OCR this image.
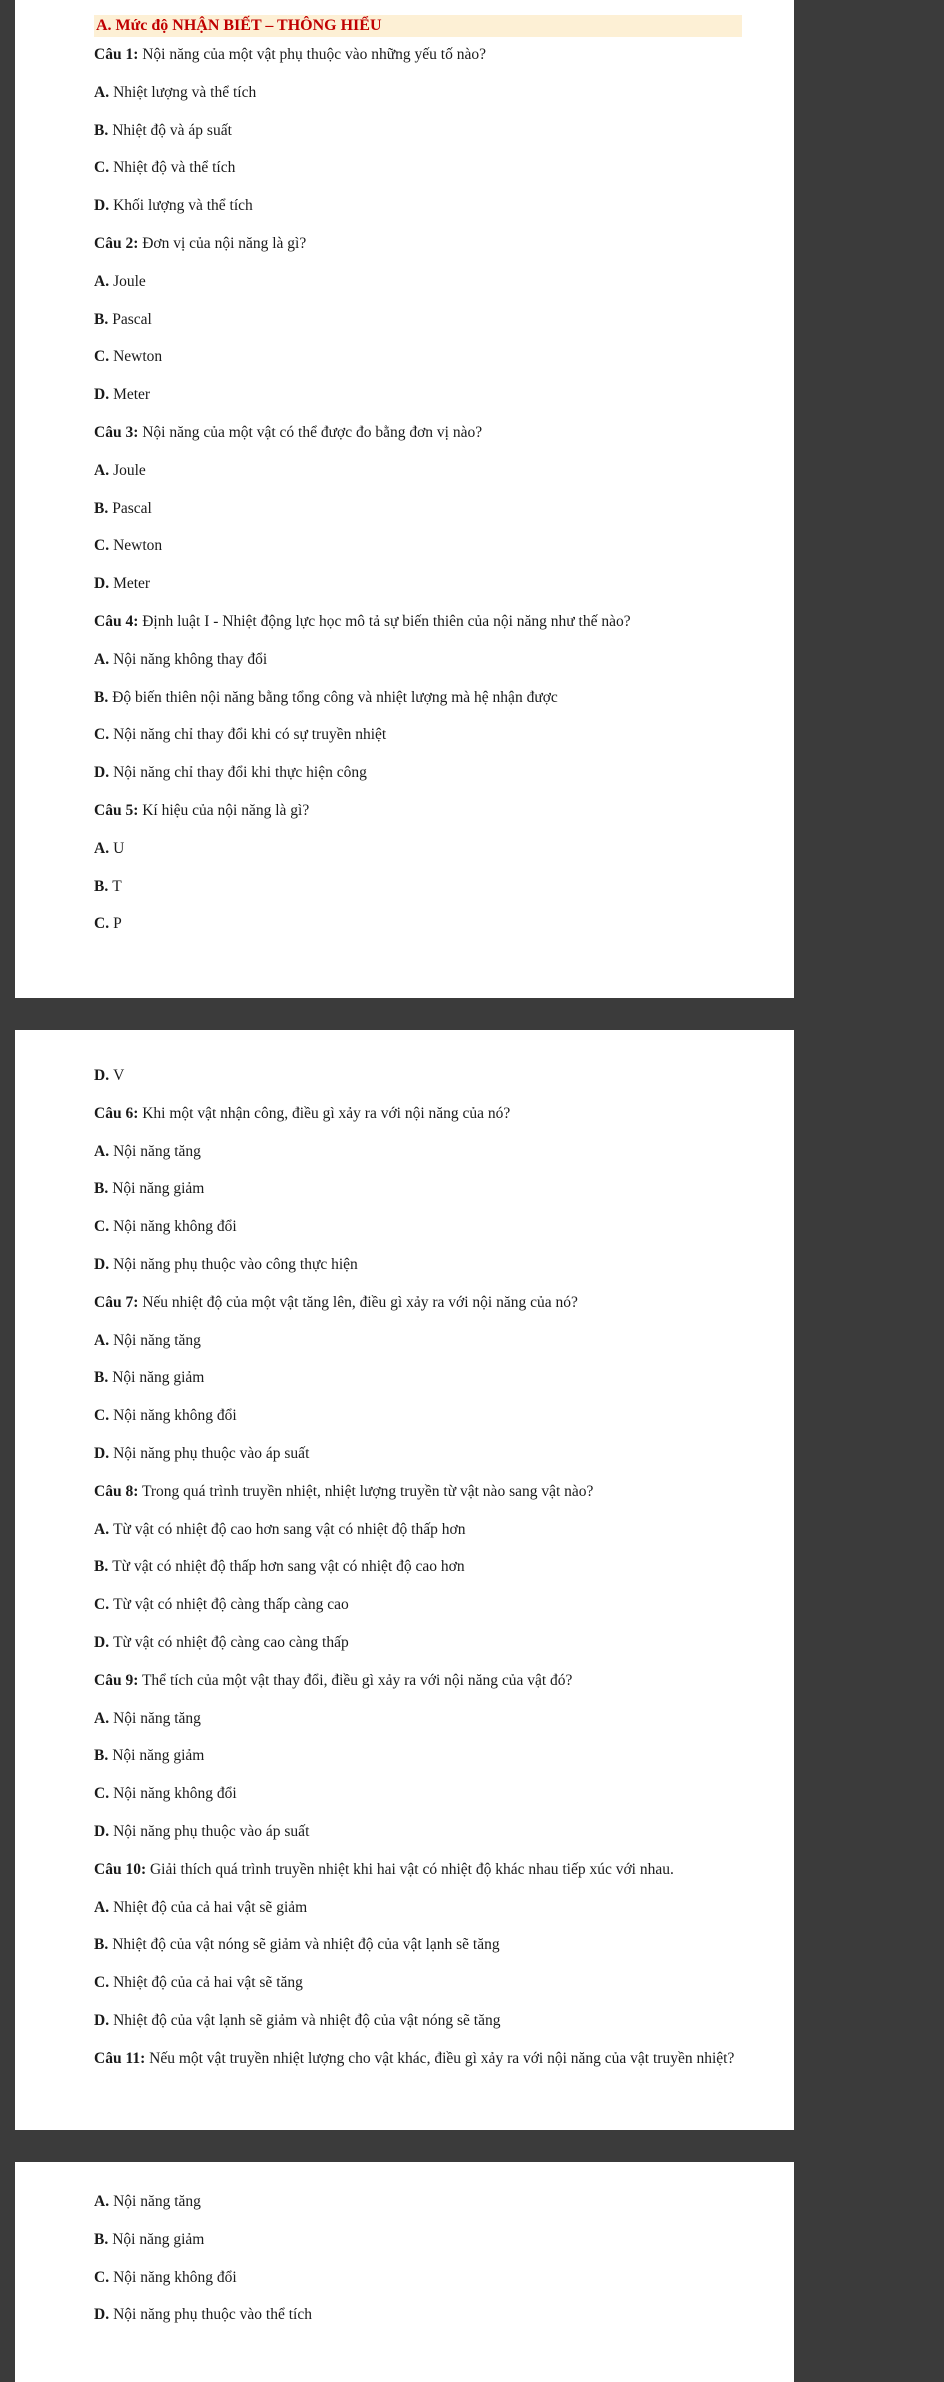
A. Mức độ NHẬN BIẾT – THÔNG HIỂU
Câu 1: Nội năng của một vật phụ thuộc vào những yếu tố nào?
A. Nhiệt lượng và thể tích
B. Nhiệt độ và áp suất
C. Nhiệt độ và thể tích
D. Khối lượng và thể tích
Câu 2: Đơn vị của nội năng là gì?
A. Joule
B. Pascal
C. Newton
D. Meter
Câu 3: Nội năng của một vật có thể được đo bằng đơn vị nào?
A. Joule
B. Pascal
C. Newton
D. Meter
Câu 4: Định luật I - Nhiệt động lực học mô tả sự biến thiên của nội năng như thế nào?
A. Nội năng không thay đổi
B. Độ biến thiên nội năng bằng tổng công và nhiệt lượng mà hệ nhận được
C. Nội năng chỉ thay đổi khi có sự truyền nhiệt
D. Nội năng chỉ thay đổi khi thực hiện công
Câu 5: Kí hiệu của nội năng là gì?
A. U
B. T
C. P
D. V
Câu 6: Khi một vật nhận công, điều gì xảy ra với nội năng của nó?
A. Nội năng tăng
B. Nội năng giảm
C. Nội năng không đổi
D. Nội năng phụ thuộc vào công thực hiện
Câu 7: Nếu nhiệt độ của một vật tăng lên, điều gì xảy ra với nội năng của nó?
A. Nội năng tăng
B. Nội năng giảm
C. Nội năng không đổi
D. Nội năng phụ thuộc vào áp suất
Câu 8: Trong quá trình truyền nhiệt, nhiệt lượng truyền từ vật nào sang vật nào?
A. Từ vật có nhiệt độ cao hơn sang vật có nhiệt độ thấp hơn
B. Từ vật có nhiệt độ thấp hơn sang vật có nhiệt độ cao hơn
C. Từ vật có nhiệt độ càng thấp càng cao
D. Từ vật có nhiệt độ càng cao càng thấp
Câu 9: Thể tích của một vật thay đổi, điều gì xảy ra với nội năng của vật đó?
A. Nội năng tăng
B. Nội năng giảm
C. Nội năng không đổi
D. Nội năng phụ thuộc vào áp suất
Câu 10: Giải thích quá trình truyền nhiệt khi hai vật có nhiệt độ khác nhau tiếp xúc với nhau.
A. Nhiệt độ của cả hai vật sẽ giảm
B. Nhiệt độ của vật nóng sẽ giảm và nhiệt độ của vật lạnh sẽ tăng
C. Nhiệt độ của cả hai vật sẽ tăng
D. Nhiệt độ của vật lạnh sẽ giảm và nhiệt độ của vật nóng sẽ tăng
Câu 11: Nếu một vật truyền nhiệt lượng cho vật khác, điều gì xảy ra với nội năng của vật truyền nhiệt?
A. Nội năng tăng
B. Nội năng giảm
C. Nội năng không đổi
D. Nội năng phụ thuộc vào thể tích
